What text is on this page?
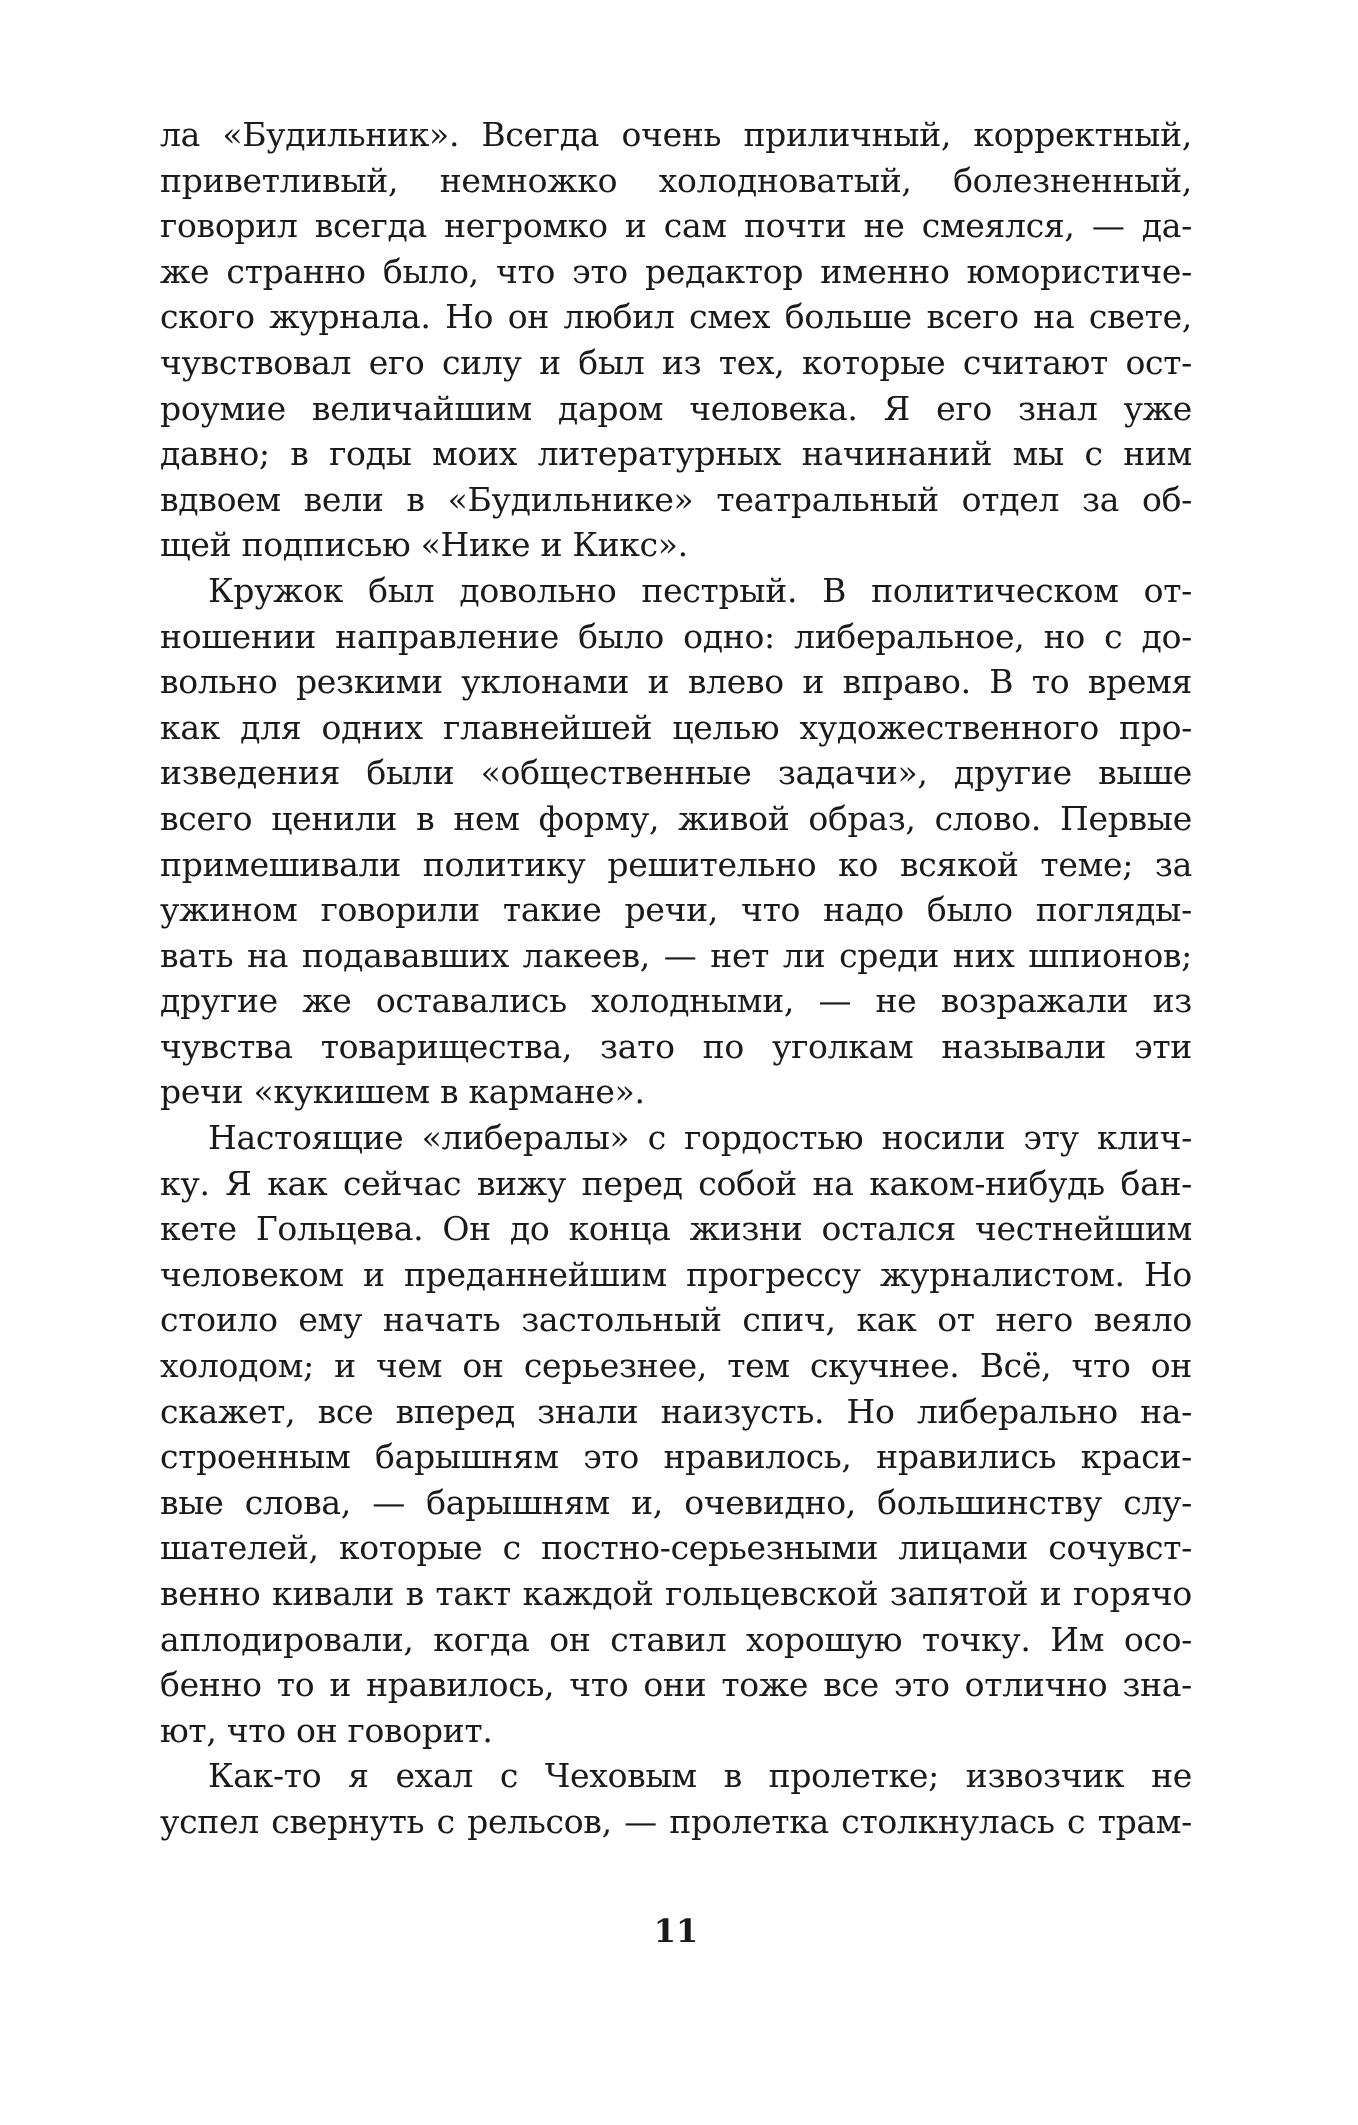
ла «Будильник». Всегда очень приличный, корректный,
приветливый, немножко холодноватый, болезненный,
говорил всегда негромко и сам почти не смеялся, — да-
же странно было, что это редактор именно юмористиче-
ского журнала. Но он любил смех больше всего на свете,
чувствовал его силу и был из тех, которые считают ост-
роумие величайшим даром человека. Я его знал уже
давно; в годы моих литературных начинаний мы с ним
вдвоем вели в «Будильнике» театральный отдел за об-
щей подписью «Нике и Кикс».
Кружок был довольно пестрый. В политическом от-
ношении направление было одно: либеральное, но с до-
вольно резкими уклонами и влево и вправо. В то время
как для одних главнейшей целью художественного про-
изведения были «общественные задачи», другие выше
всего ценили в нем форму, живой образ, слово. Первые
примешивали политику решительно ко всякой теме; за
ужином говорили такие речи, что надо было погляды-
вать на подававших лакеев, — нет ли среди них шпионов;
другие же оставались холодными, — не возражали из
чувства товарищества, зато по уголкам называли эти
речи «кукишем в кармане».
Настоящие «либералы» с гордостью носили эту клич-
ку. Я как сейчас вижу перед собой на каком-нибудь бан-
кете Гольцева. Он до конца жизни остался честнейшим
человеком и преданнейшим прогрессу журналистом. Но
стоило ему начать застольный спич, как от него веяло
холодом; и чем он серьезнее, тем скучнее. Всё, что он
скажет, все вперед знали наизусть. Но либерально на-
строенным барышням это нравилось, нравились краси-
вые слова, — барышням и, очевидно, большинству слу-
шателей, которые с постно-серьезными лицами сочувст-
венно кивали в такт каждой гольцевской запятой и горячо
аплодировали, когда он ставил хорошую точку. Им осо-
бенно то и нравилось, что они тоже все это отлично зна-
ют, что он говорит.
Как-то я ехал с Чеховым в пролетке; извозчик не
успел свернуть с рельсов, — пролетка столкнулась с трам-
11
